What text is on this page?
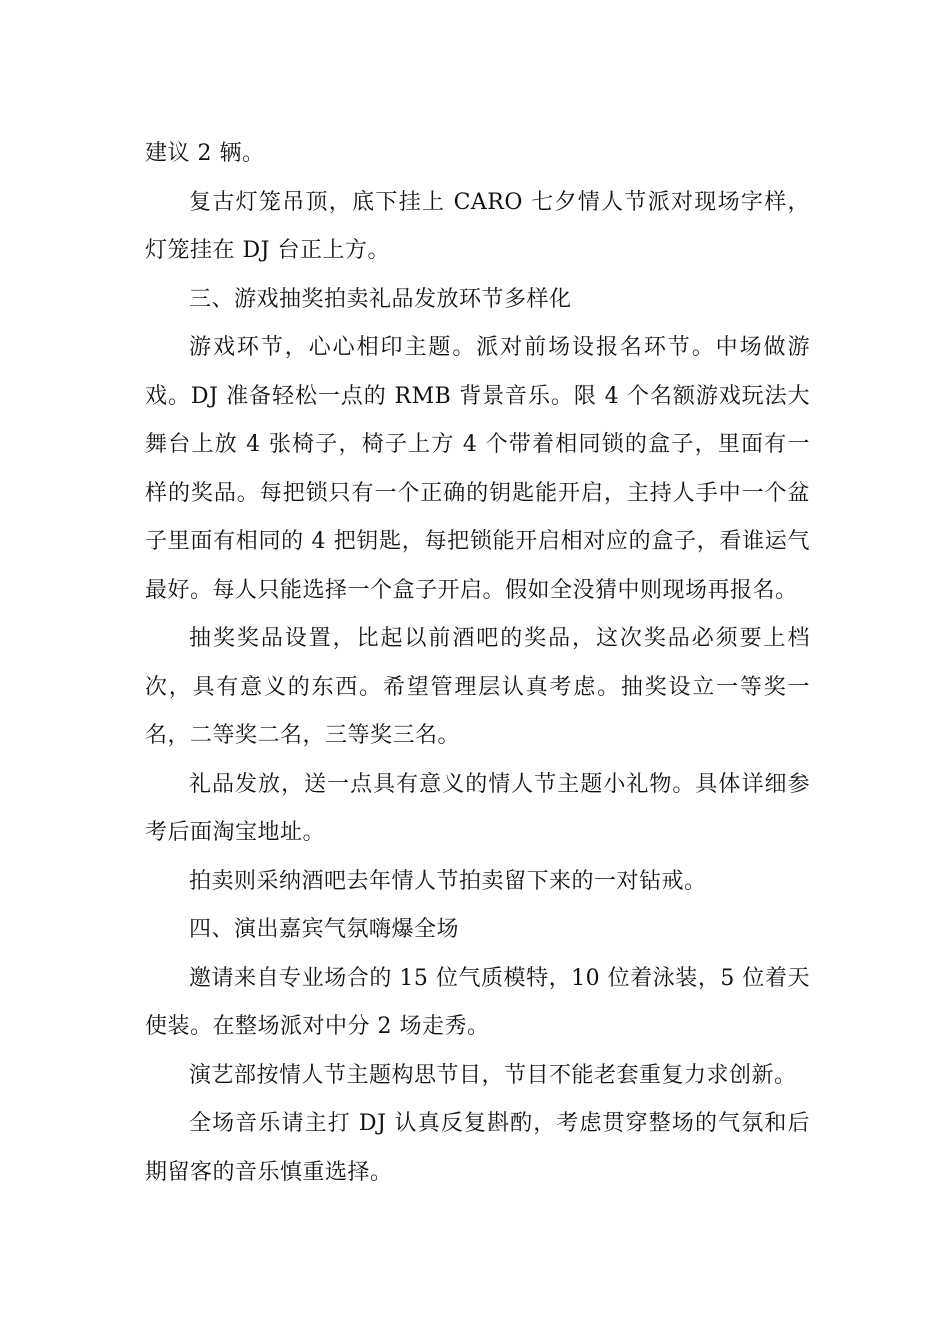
建议 2 辆。

复古灯笼吊顶，底下挂上 CARO 七夕情人节派对现场字样，灯笼挂在 DJ 台正上方。

三、游戏抽奖拍卖礼品发放环节多样化

游戏环节，心心相印主题。派对前场设报名环节。中场做游戏。DJ 准备轻松一点的 RMB 背景音乐。限 4 个名额游戏玩法大舞台上放 4 张椅子，椅子上方 4 个带着相同锁的盒子，里面有一样的奖品。每把锁只有一个正确的钥匙能开启，主持人手中一个盆子里面有相同的 4 把钥匙，每把锁能开启相对应的盒子，看谁运气最好。每人只能选择一个盒子开启。假如全没猜中则现场再报名。

抽奖奖品设置，比起以前酒吧的奖品，这次奖品必须要上档次，具有意义的东西。希望管理层认真考虑。抽奖设立一等奖一名，二等奖二名，三等奖三名。

礼品发放，送一点具有意义的情人节主题小礼物。具体详细参考后面淘宝地址。

拍卖则采纳酒吧去年情人节拍卖留下来的一对钻戒。

四、演出嘉宾气氛嗨爆全场

邀请来自专业场合的 15 位气质模特，10 位着泳装，5 位着天使装。在整场派对中分 2 场走秀。

演艺部按情人节主题构思节目，节目不能老套重复力求创新。

全场音乐请主打 DJ 认真反复斟酌，考虑贯穿整场的气氛和后期留客的音乐慎重选择。
